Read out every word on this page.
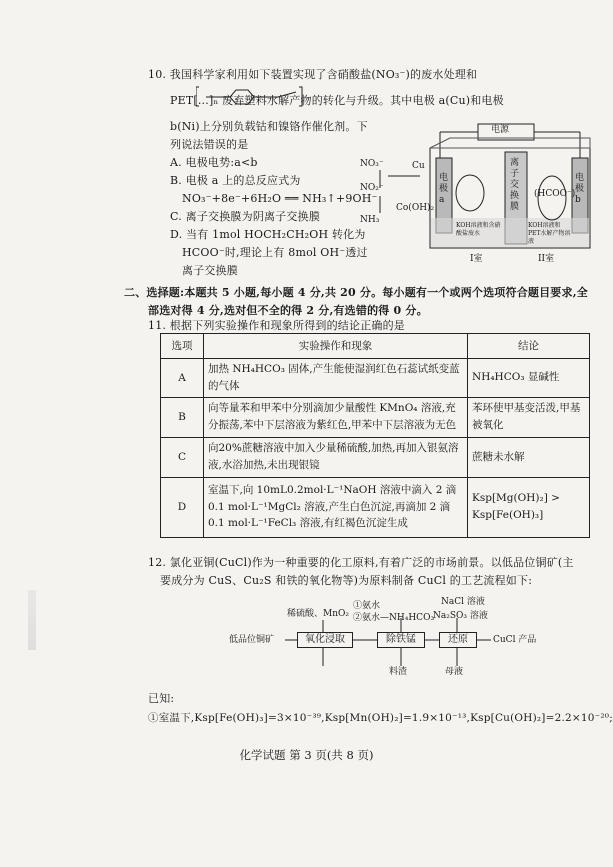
10. 我国科学家利用如下装置实现了含硝酸盐(NO₃⁻)的废水处理和
PET[...]ₙ 废弃塑料水解产物的转化与升级。其中电极 a(Cu)和电极
b(Ni)上分别负载钴和镍铬作催化剂。下
列说法错误的是
A. 电极电势:a<b
B. 电极 a 上的总反应式为
NO₃⁻+8e⁻+6H₂O ══ NH₃↑+9OH⁻
C. 离子交换膜为阴离子交换膜
D. 当有 1mol HOCH₂CH₂OH 转化为
HCOO⁻时,理论上有 8mol OH⁻透过
离子交换膜
电源
NO₃⁻
NO₂⁻
NH₃
Cu
Co(OH)₂
电极a
离子交换膜
电极b
(HCOO⁻)
KOH溶液和含硝酸盐废水
KOH溶液和PET水解产物溶液
I室	II室
二、选择题:本题共 5 小题,每小题 4 分,共 20 分。每小题有一个或两个选项符合题目要求,全
部选对得 4 分,选对但不全的得 2 分,有选错的得 0 分。
11. 根据下列实验操作和现象所得到的结论正确的是
选项	实验操作和现象	结论
A	加热 NH₄HCO₃ 固体,产生能使湿润红色石蕊试纸变蓝的气体	NH₄HCO₃ 显碱性
B	向等量苯和甲苯中分别滴加少量酸性 KMnO₄ 溶液,充分振荡,苯中下层溶液为紫红色,甲苯中下层溶液为无色	苯环使甲基变活泼,甲基被氧化
C	向20%蔗糖溶液中加入少量稀硫酸,加热,再加入银氨溶液,水浴加热,未出现银镜	蔗糖未水解
D	室温下,向 10mL0.2mol·L⁻¹NaOH 溶液中滴入 2 滴 0.1 mol·L⁻¹MgCl₂ 溶液,产生白色沉淀,再滴加 2 滴 0.1 mol·L⁻¹FeCl₃ 溶液,有红褐色沉淀生成	Ksp[Mg(OH)₂] > Ksp[Fe(OH)₃]
12. 氯化亚铜(CuCl)作为一种重要的化工原料,有着广泛的市场前景。以低品位铜矿(主
要成分为 CuS、Cu₂S 和铁的氧化物等)为原料制备 CuCl 的工艺流程如下:
稀硫酸、MnO₂
①氨水
②氨水—NH₄HCO₃
NaCl 溶液
Na₂SO₃ 溶液
低品位铜矿	氧化浸取	除铁锰	还原	CuCl 产品
料渣	母液
已知:
①室温下,Ksp[Fe(OH)₃]=3×10⁻³⁹,Ksp[Mn(OH)₂]=1.9×10⁻¹³,Ksp[Cu(OH)₂]=2.2×10⁻²⁰;
化学试题 第 3 页(共 8 页)
